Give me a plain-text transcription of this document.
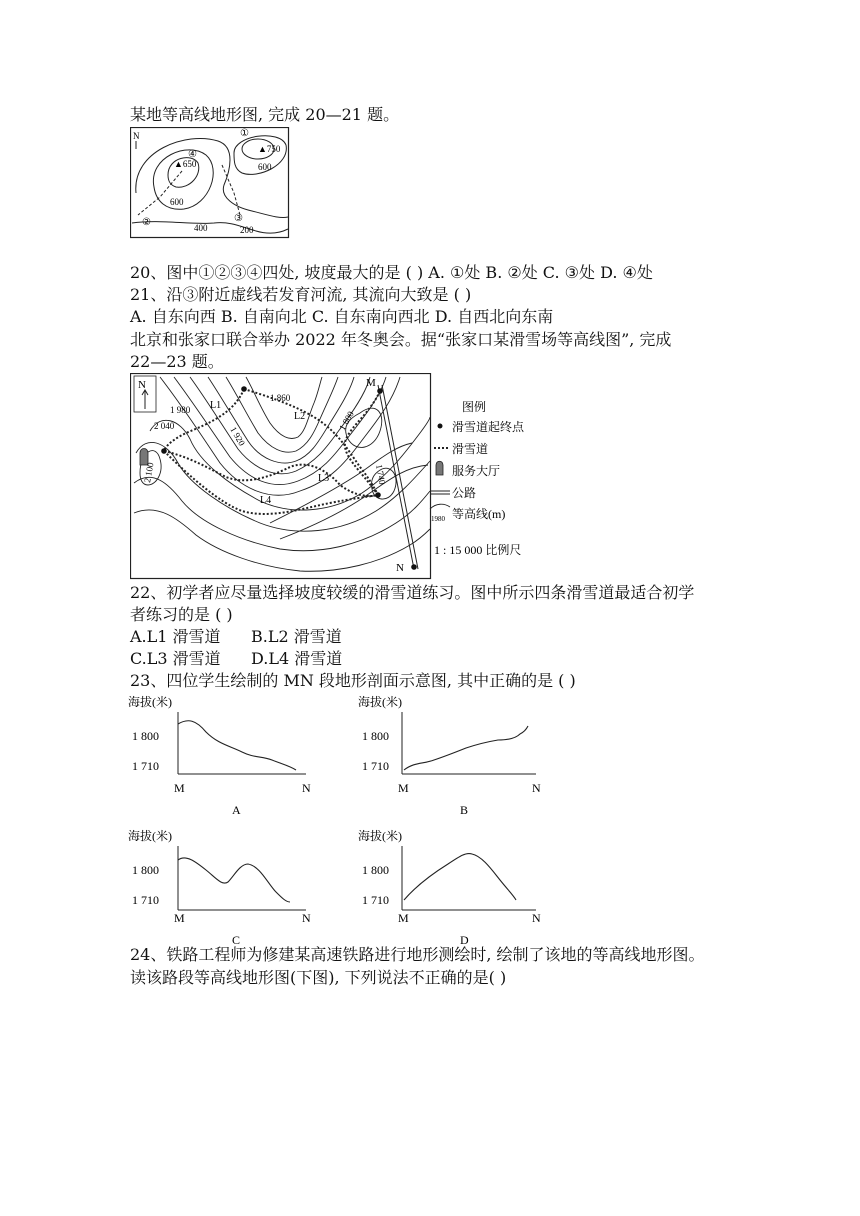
某地等高线地形图, 完成 20—21 题。
N
▲750
600
▲650
600
400	200
①
②	③
④
20、图中①②③④四处, 坡度最大的是 ( ) A. ①处 B. ②处 C. ③处 D. ④处
21、沿③附近虚线若发育河流, 其流向大致是 ( )
A. 自东向西 B. 自南向北 C. 自东南向西北 D. 自西北向东南
北京和张家口联合举办 2022 年冬奥会。据“张家口某滑雪场等高线图”, 完成
22—23 题。
N	M
N
L1
L2
L3
L4
1 980
1 860
1 800
2 040	1 920
2 100	1 740
图例
滑雪道起终点
滑雪道
服务大厅
公路
1980 等高线(m)
1 : 15 000 比例尺
22、初学者应尽量选择坡度较缓的滑雪道练习。图中所示四条滑雪道最适合初学
者练习的是 ( )
A.L1 滑雪道 B.L2 滑雪道
C.L3 滑雪道 D.L4 滑雪道
23、四位学生绘制的 MN 段地形剖面示意图, 其中正确的是 ( )
海拔(米)
1 800
1 710
M	N
A
海拔(米)
1 800
1 710
M	N
B
海拔(米)
1 800
1 710
M	N
C
海拔(米)
1 800
1 710
M	N
D
24、铁路工程师为修建某高速铁路进行地形测绘时, 绘制了该地的等高线地形图。
读该路段等高线地形图(下图), 下列说法不正确的是( )
